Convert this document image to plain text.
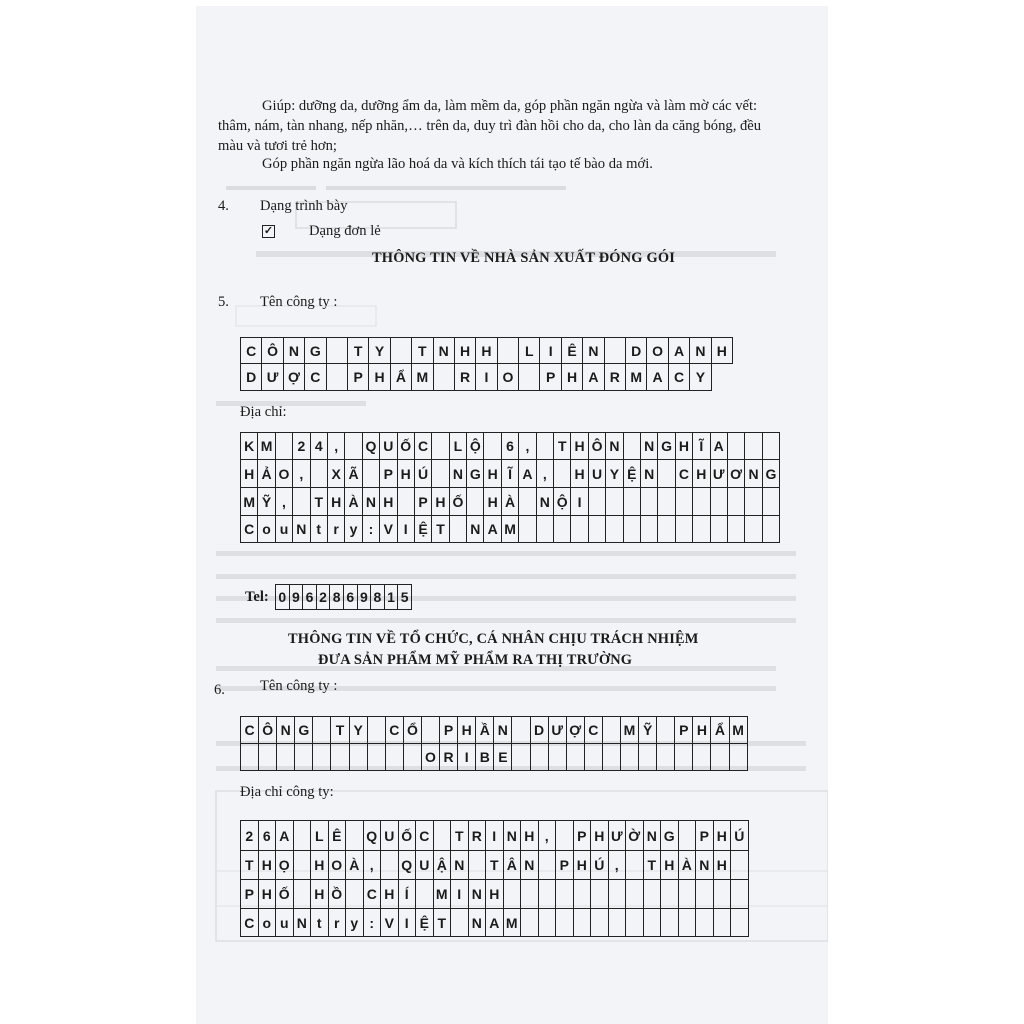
Giúp: dưỡng da, dưỡng ẩm da, làm mềm da, góp phần ngăn ngừa và làm mờ các vết:
thâm, nám, tàn nhang, nếp nhăn,… trên da, duy trì đàn hồi cho da, cho làn da căng bóng, đều
màu và tươi trẻ hơn;
Góp phần ngăn ngừa lão hoá da và kích thích tái tạo tế bào da mới.
4. Dạng trình bày
✓ Dạng đơn lẻ
THÔNG TIN VỀ NHÀ SẢN XUẤT ĐÓNG GÓI
5. Tên công ty :
C	Ô	N	G		T	Y		T	N	H	H		L	I	Ê	N		D	O	A	N	H
D	Ư	Ợ	C		P	H	Ẩ	M		R	I	O		P	H	A	R	M	A	C	Y	
Địa chỉ:
K	M		2	4	,		Q	U	Ố	C		L	Ộ		6	,		T	H	Ô	N		N	G	H	Ĩ	A			
H	Ả	O	,		X	Ã		P	H	Ú		N	G	H	Ĩ	A	,		H	U	Y	Ệ	N		C	H	Ư	Ơ	N	G
M	Ỹ	,		T	H	À	N	H		P	H	Ố		H	À		N	Ộ	I											
C	o	u	N	t	r	y	:	V	I	Ệ	T		N	A	M															
Tel: 0	9	6	2	8	6	9	8	1	5
THÔNG TIN VỀ TỔ CHỨC, CÁ NHÂN CHỊU TRÁCH NHIỆM
ĐƯA SẢN PHẨM MỸ PHẨM RA THỊ TRƯỜNG
6. Tên công ty :
C	Ô	N	G		T	Y		C	Ổ		P	H	Ầ	N		D	Ư	Ợ	C		M	Ỹ		P	H	Ẩ	M
										O	R	I	B	E													
Địa chỉ công ty:
2	6	A		L	Ê		Q	U	Ố	C		T	R	I	N	H	,		P	H	Ư	Ờ	N	G		P	H	Ú
T	H	Ọ		H	O	À	,		Q	U	Ậ	N		T	Â	N		P	H	Ú	,		T	H	À	N	H	
P	H	Ố		H	Ồ		C	H	Í		M	I	N	H														
C	o	u	N	t	r	y	:	V	I	Ệ	T		N	A	M													
